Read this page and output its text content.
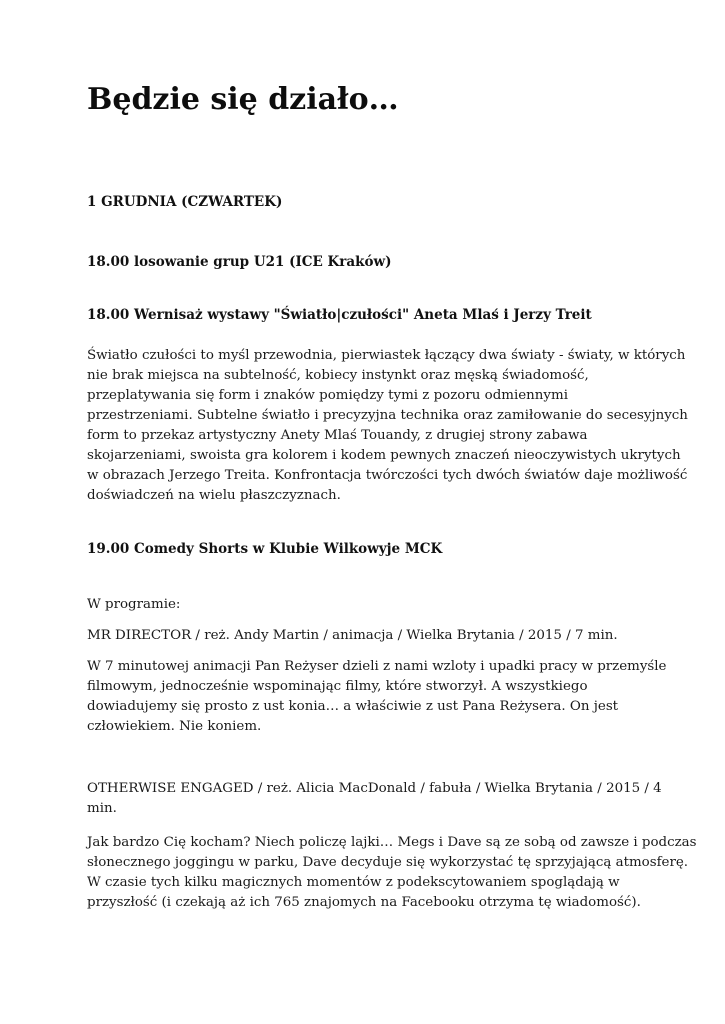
Będzie się działo…

1 GRUDNIA (CZWARTEK)

18.00 losowanie grup U21 (ICE Kraków)

18.00 Wernisaż wystawy "Światło|czułości" Aneta Mlaś i Jerzy Treit

Światło czułości to myśl przewodnia, pierwiastek łączący dwa światy - światy, w których
nie brak miejsca na subtelność, kobiecy instynkt oraz męską świadomość,
przeplatywania się form i znaków pomiędzy tymi z pozoru odmiennymi
przestrzeniami. Subtelne światło i precyzyjna technika oraz zamiłowanie do secesyjnych
form to przekaz artystyczny Anety Mlaś Touandy, z drugiej strony zabawa
skojarzeniami, swoista gra kolorem i kodem pewnych znaczeń nieoczywistych ukrytych
w obrazach Jerzego Treita. Konfrontacja twórczości tych dwóch światów daje możliwość
doświadczeń na wielu płaszczyznach.

19.00 Comedy Shorts w Klubie Wilkowyje MCK

W programie:

MR DIRECTOR / reż. Andy Martin / animacja / Wielka Brytania / 2015 / 7 min.

W 7 minutowej animacji Pan Reżyser dzieli z nami wzloty i upadki pracy w przemyśle
filmowym, jednocześnie wspominając filmy, które stworzył. A wszystkiego
dowiadujemy się prosto z ust konia… a właściwie z ust Pana Reżysera. On jest
człowiekiem. Nie koniem.
OTHERWISE ENGAGED / reż. Alicia MacDonald / fabuła / Wielka Brytania / 2015 / 4
min.
Jak bardzo Cię kocham? Niech policzę lajki… Megs i Dave są ze sobą od zawsze i podczas
słonecznego joggingu w parku, Dave decyduje się wykorzystać tę sprzyjającą atmosferę.
W czasie tych kilku magicznych momentów z podekscytowaniem spoglądają w
przyszłość (i czekają aż ich 765 znajomych na Facebooku otrzyma tę wiadomość).
